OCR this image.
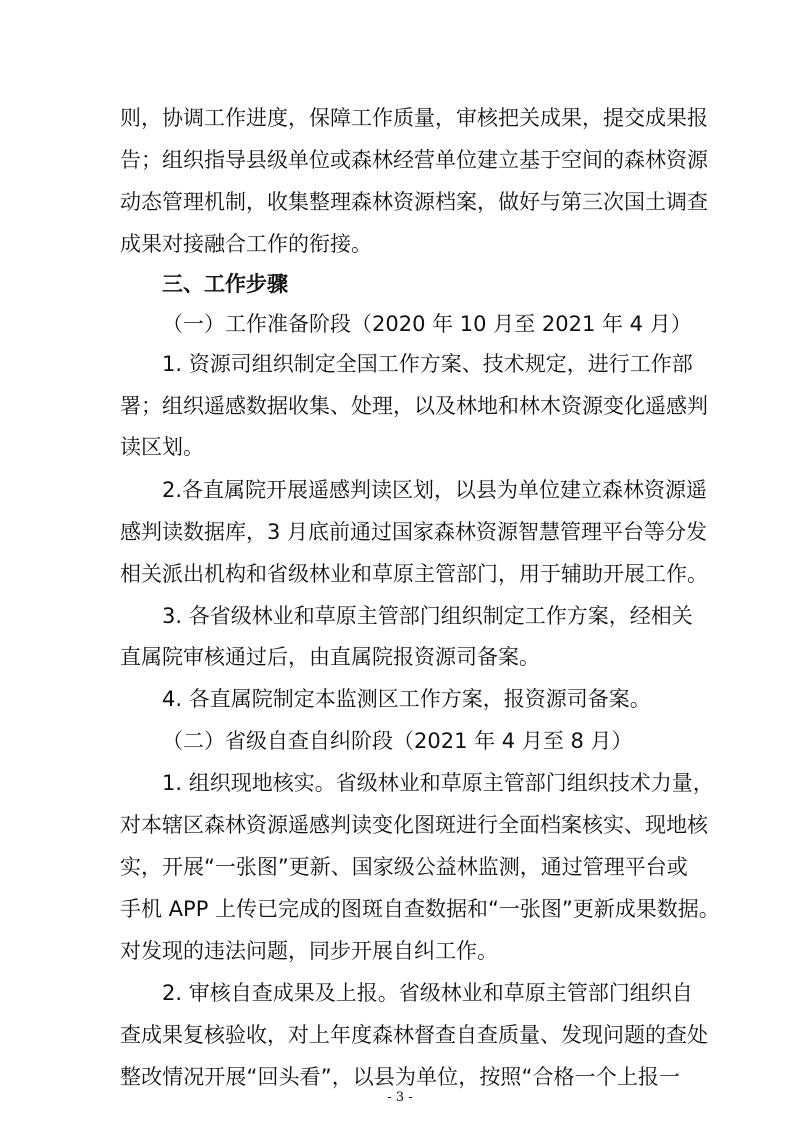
则，协调工作进度，保障工作质量，审核把关成果，提交成果报
告；组织指导县级单位或森林经营单位建立基于空间的森林资源
动态管理机制，收集整理森林资源档案，做好与第三次国土调查
成果对接融合工作的衔接。
三、工作步骤
（一）工作准备阶段（2020 年 10 月至 2021 年 4 月）
1. 资源司组织制定全国工作方案、技术规定，进行工作部
署；组织遥感数据收集、处理，以及林地和林木资源变化遥感判
读区划。
2.各直属院开展遥感判读区划，以县为单位建立森林资源遥
感判读数据库，3 月底前通过国家森林资源智慧管理平台等分发
相关派出机构和省级林业和草原主管部门，用于辅助开展工作。
3. 各省级林业和草原主管部门组织制定工作方案，经相关
直属院审核通过后，由直属院报资源司备案。
4. 各直属院制定本监测区工作方案，报资源司备案。
（二）省级自查自纠阶段（2021 年 4 月至 8 月）
1. 组织现地核实。省级林业和草原主管部门组织技术力量，
对本辖区森林资源遥感判读变化图斑进行全面档案核实、现地核
实，开展“一张图”更新、国家级公益林监测，通过管理平台或
手机 APP 上传已完成的图斑自查数据和“一张图”更新成果数据。
对发现的违法问题，同步开展自纠工作。
2. 审核自查成果及上报。省级林业和草原主管部门组织自
查成果复核验收，对上年度森林督查自查质量、发现问题的查处
整改情况开展“回头看”，以县为单位，按照“合格一个上报一
- 3 -
